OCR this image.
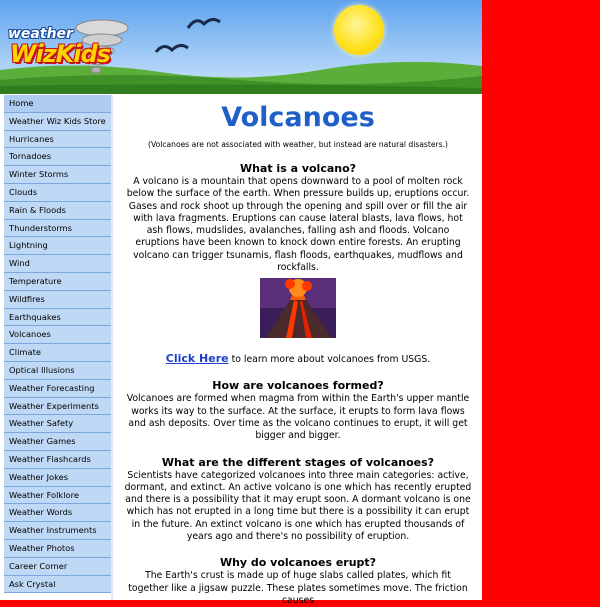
weather
WizKids
Home
Weather Wiz Kids Store
Hurricanes
Tornadoes
Winter Storms
Clouds
Rain & Floods
Thunderstorms
Lightning
Wind
Temperature
Wildfires
Earthquakes
Volcanoes
Climate
Optical Illusions
Weather Forecasting
Weather Experiments
Weather Safety
Weather Games
Weather Flashcards
Weather Jokes
Weather Folklore
Weather Words
Weather Instruments
Weather Photos
Career Corner
Ask Crystal
Volcanoes
(Volcanoes are not associated with weather, but instead are natural disasters.)
What is a volcano?

A volcano is a mountain that opens downward to a pool of molten rock below the surface of the earth. When pressure builds up, eruptions occur. Gases and rock shoot up through the opening and spill over or fill the air with lava fragments. Eruptions can cause lateral blasts, lava flows, hot ash flows, mudslides, avalanches, falling ash and floods. Volcano eruptions have been known to knock down entire forests. An erupting volcano can trigger tsunamis, flash floods, earthquakes, mudflows and rockfalls.

Click Here to learn more about volcanoes from USGS.
How are volcanoes formed?

Volcanoes are formed when magma from within the Earth's upper mantle works its way to the surface. At the surface, it erupts to form lava flows and ash deposits. Over time as the volcano continues to erupt, it will get bigger and bigger.

What are the different stages of volcanoes?

Scientists have categorized volcanoes into three main categories: active, dormant, and extinct. An active volcano is one which has recently erupted and there is a possibility that it may erupt soon. A dormant volcano is one which has not erupted in a long time but there is a possibility it can erupt in the future. An extinct volcano is one which has erupted thousands of years ago and there's no possibility of eruption.

Why do volcanoes erupt?

The Earth's crust is made up of huge slabs called plates, which fit together like a jigsaw puzzle. These plates sometimes move. The friction causes
